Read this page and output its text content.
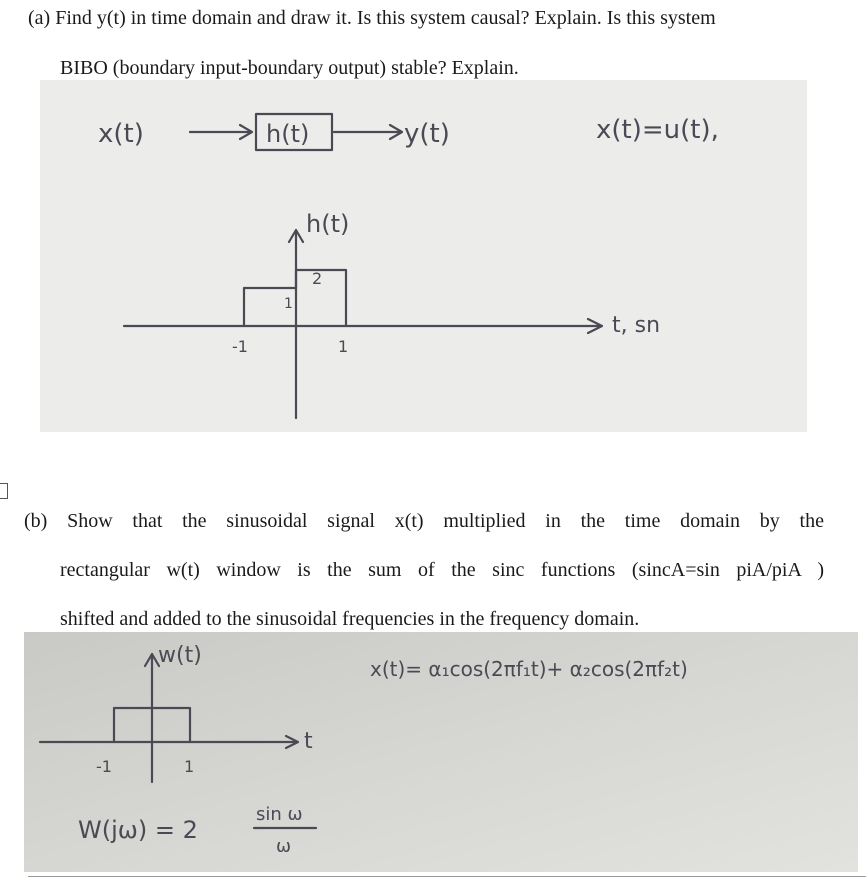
(a) Find y(t) in time domain and draw it. Is this system causal? Explain. Is this system
BIBO (boundary input-boundary output) stable? Explain.
x(t)	h(t)	y(t)	x(t)=u(t),
h(t)
t, sn
-1	1
1
2
(b) Show that the sinusoidal signal x(t) multiplied in the time domain by the
rectangular w(t) window is the sum of the sinc functions (sincA=sin piA/piA )
shifted and added to the sinusoidal frequencies in the frequency domain.
w(t)
t
-1	1
x(t)= α₁cos(2πf₁t)+ α₂cos(2πf₂t)
W(jω) = 2
sin ω
ω
